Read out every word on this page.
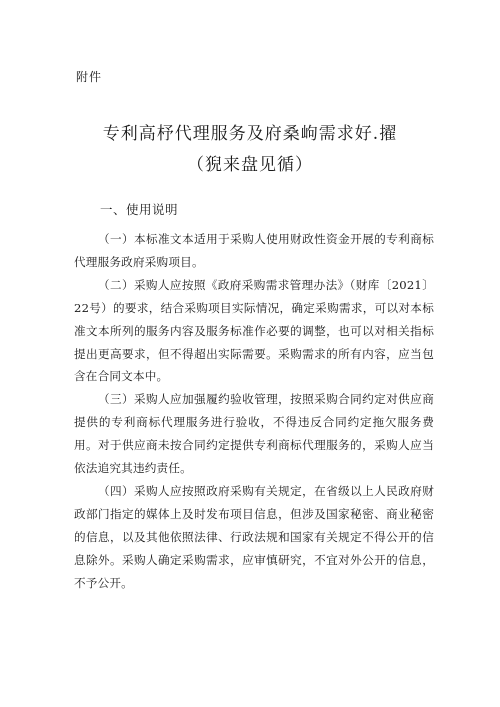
附件
专利高杼代理服务及府桑岣需求好.擢
（猊来盘见循）
一、使用说明

（一）本标准文本适用于采购人使用财政性资金开展的专利商标代理服务政府采购项目。

（二）采购人应按照《政府采购需求管理办法》（财库〔2021〕22号）的要求，结合采购项目实际情况，确定采购需求，可以对本标准文本所列的服务内容及服务标准作必要的调整，也可以对相关指标提出更高要求，但不得超出实际需要。采购需求的所有内容，应当包含在合同文本中。

（三）采购人应加强履约验收管理，按照采购合同约定对供应商提供的专利商标代理服务进行验收，不得违反合同约定拖欠服务费用。对于供应商未按合同约定提供专利商标代理服务的，采购人应当依法追究其违约责任。

（四）采购人应按照政府采购有关规定，在省级以上人民政府财政部门指定的媒体上及时发布项目信息，但涉及国家秘密、商业秘密的信息，以及其他依照法律、行政法规和国家有关规定不得公开的信息除外。采购人确定采购需求，应审慎研究，不宜对外公开的信息，不予公开。
